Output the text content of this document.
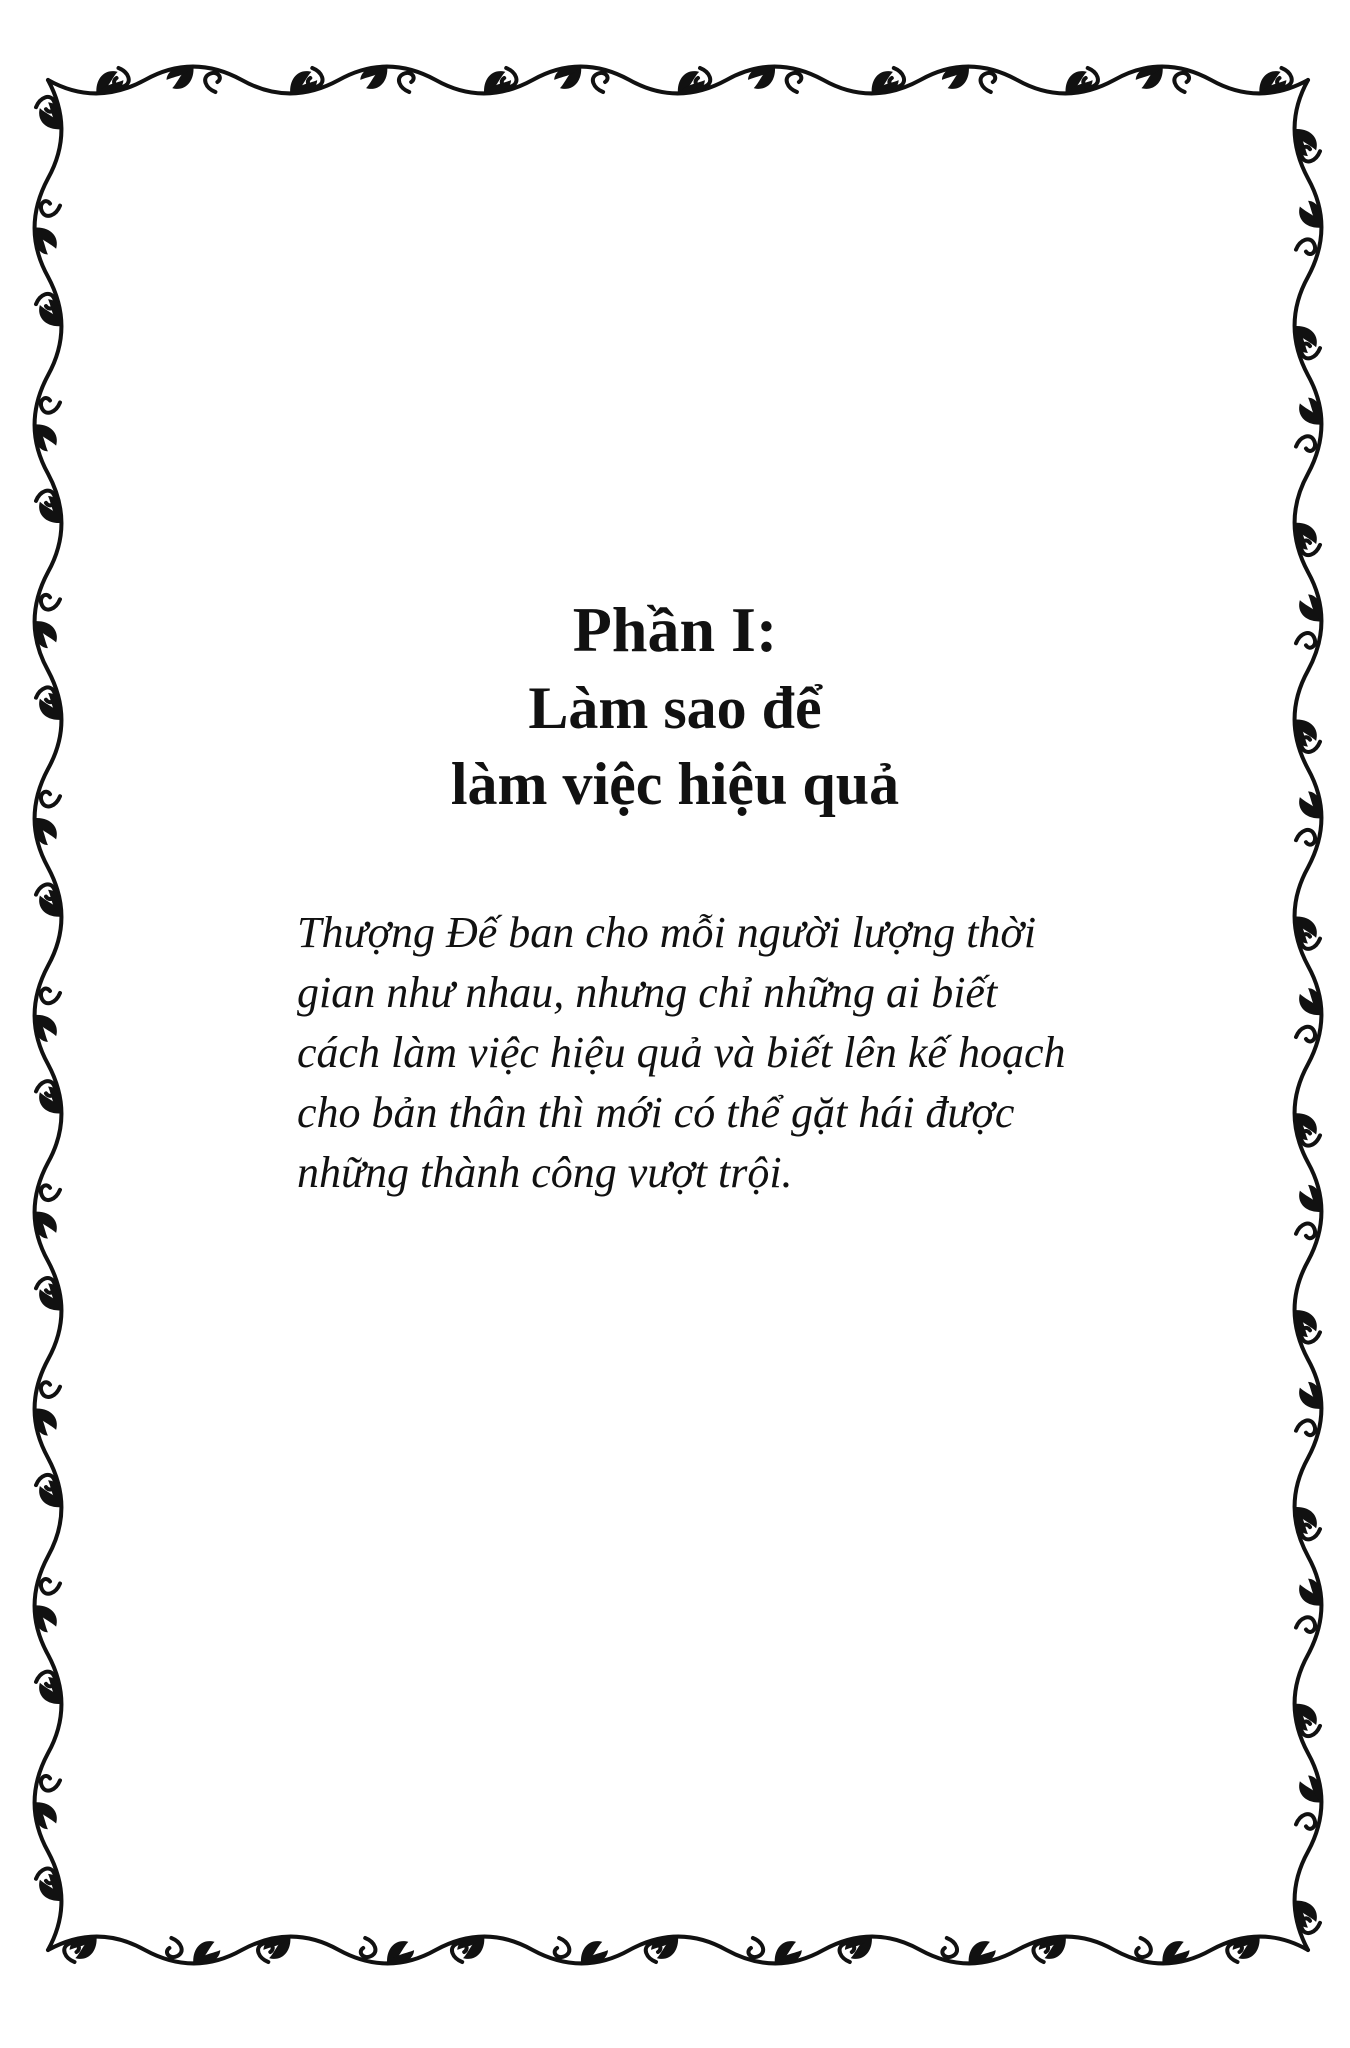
Phần I:

Làm sao để
làm việc hiệu quả

Thượng Đế ban cho mỗi người lượng thời gian như nhau, nhưng chỉ những ai biết cách làm việc hiệu quả và biết lên kế hoạch cho bản thân thì mới có thể gặt hái được những thành công vượt trội.
